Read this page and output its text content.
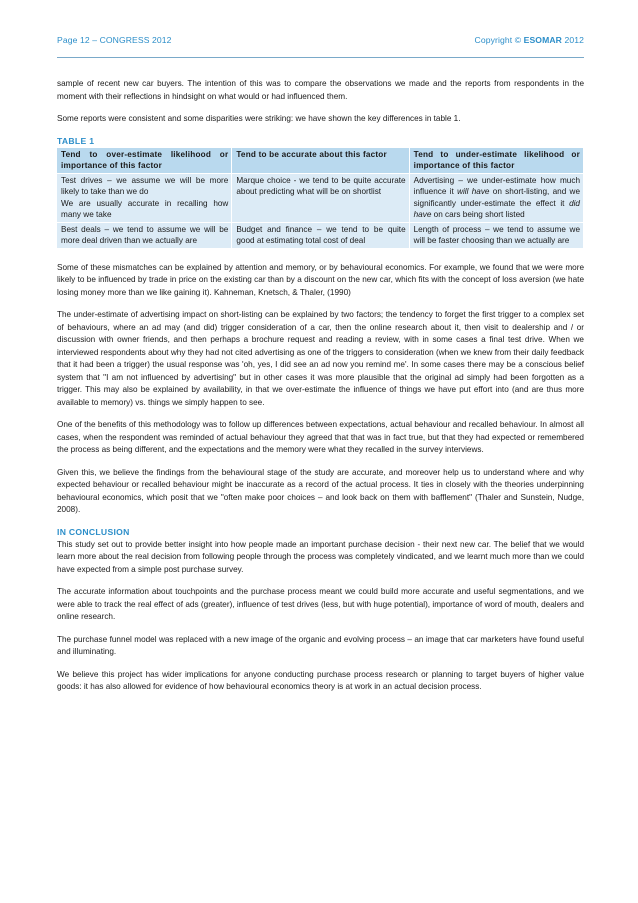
Page 12 – CONGRESS 2012	Copyright © ESOMAR 2012

sample of recent new car buyers. The intention of this was to compare the observations we made and the reports from respondents in the moment with their reflections in hindsight on what would or had influenced them.

Some reports were consistent and some disparities were striking: we have shown the key differences in table 1.

TABLE 1
Tend to over-estimate likelihood or importance of this factor	Tend to be accurate about this factor	Tend to under-estimate likelihood or importance of this factor

Test drives – we assume we will be more likely to take than we do
We are usually accurate in recalling how many we take	Marque choice - we tend to be quite accurate about predicting what will be on shortlist	Advertising – we under-estimate how much influence it will have on short-listing, and we significantly under-estimate the effect it did have on cars being short listed
Best deals – we tend to assume we will be more deal driven than we actually are	Budget and finance – we tend to be quite good at estimating total cost of deal	Length of process – we tend to assume we will be faster choosing than we actually are

Some of these mismatches can be explained by attention and memory, or by behavioural economics. For example, we found that we were more likely to be influenced by trade in price on the existing car than by a discount on the new car, which fits with the concept of loss aversion (we hate losing money more than we like gaining it). Kahneman, Knetsch, & Thaler, (1990)

The under-estimate of advertising impact on short-listing can be explained by two factors; the tendency to forget the first trigger to a complex set of behaviours, where an ad may (and did) trigger consideration of a car, then the online research about it, then visit to dealership and / or discussion with owner friends, and then perhaps a brochure request and reading a review, with in some cases a final test drive. When we interviewed respondents about why they had not cited advertising as one of the triggers to consideration (when we knew from their daily feedback that it had been a trigger) the usual response was 'oh, yes, I did see an ad now you remind me'. In some cases there may be a conscious belief system that "I am not influenced by advertising" but in other cases it was more plausible that the original ad simply had been forgotten as a trigger. This may also be explained by availability, in that we over-estimate the influence of things we have put effort into (and are thus more available to memory) vs. things we simply happen to see.

One of the benefits of this methodology was to follow up differences between expectations, actual behaviour and recalled behaviour. In almost all cases, when the respondent was reminded of actual behaviour they agreed that that was in fact true, but that they had expected or remembered the process as being different, and the expectations and the memory were what they recalled in the survey interviews.

Given this, we believe the findings from the behavioural stage of the study are accurate, and moreover help us to understand where and why expected behaviour or recalled behaviour might be inaccurate as a record of the actual process. It ties in closely with the theories underpinning behavioural economics, which posit that we "often make poor choices – and look back on them with bafflement" (Thaler and Sunstein, Nudge, 2008).

IN CONCLUSION

This study set out to provide better insight into how people made an important purchase decision - their next new car. The belief that we would learn more about the real decision from following people through the process was completely vindicated, and we learnt much more than we could have expected from a simple post purchase survey.

The accurate information about touchpoints and the purchase process meant we could build more accurate and useful segmentations, and we were able to track the real effect of ads (greater), influence of test drives (less, but with huge potential), importance of word of mouth, dealers and online research.

The purchase funnel model was replaced with a new image of the organic and evolving process – an image that car marketers have found useful and illuminating.

We believe this project has wider implications for anyone conducting purchase process research or planning to target buyers of higher value goods: it has also allowed for evidence of how behavioural economics theory is at work in an actual decision process.
